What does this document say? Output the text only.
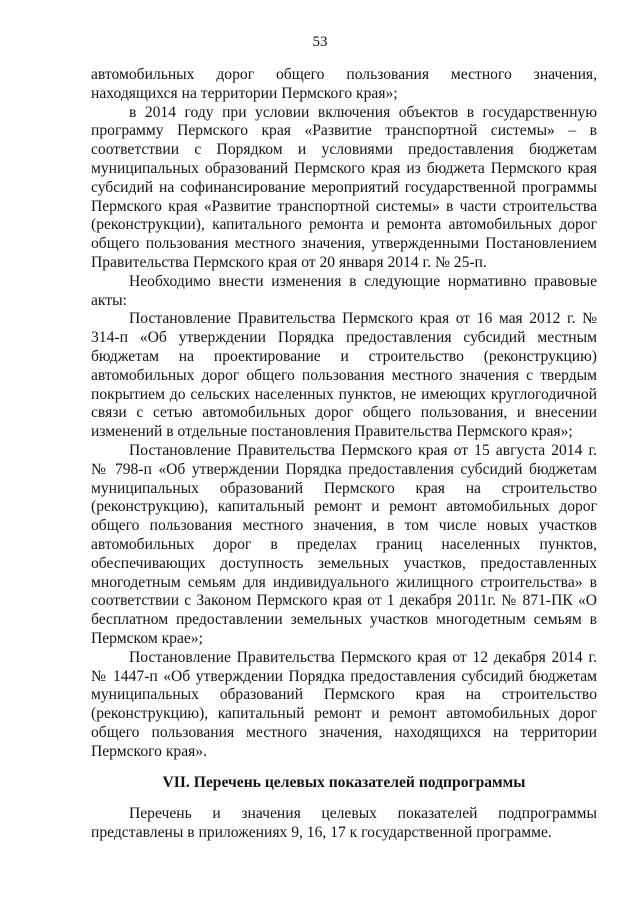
53

автомобильных дорог общего пользования местного значения, находящихся на территории Пермского края»;

в 2014 году при условии включения объектов в государственную программу Пермского края «Развитие транспортной системы» – в соответствии с Порядком и условиями предоставления бюджетам муниципальных образований Пермского края из бюджета Пермского края субсидий на софинансирование мероприятий государственной программы Пермского края «Развитие транспортной системы» в части строительства (реконструкции), капитального ремонта и ремонта автомобильных дорог общего пользования местного значения, утвержденными Постановлением Правительства Пермского края от 20 января 2014 г. № 25-п.

Необходимо внести изменения в следующие нормативно правовые акты:

Постановление Правительства Пермского края от 16 мая 2012 г. № 314-п «Об утверждении Порядка предоставления субсидий местным бюджетам на проектирование и строительство (реконструкцию) автомобильных дорог общего пользования местного значения с твердым покрытием до сельских населенных пунктов, не имеющих круглогодичной связи с сетью автомобильных дорог общего пользования, и внесении изменений в отдельные постановления Правительства Пермского края»;

Постановление Правительства Пермского края от 15 августа 2014 г. № 798-п «Об утверждении Порядка предоставления субсидий бюджетам муниципальных образований Пермского края на строительство (реконструкцию), капитальный ремонт и ремонт автомобильных дорог общего пользования местного значения, в том числе новых участков автомобильных дорог в пределах границ населенных пунктов, обеспечивающих доступность земельных участков, предоставленных многодетным семьям для индивидуального жилищного строительства» в соответствии с Законом Пермского края от 1 декабря 2011г. № 871-ПК «О бесплатном предоставлении земельных участков многодетным семьям в Пермском крае»;

Постановление Правительства Пермского края от 12 декабря 2014 г. № 1447-п «Об утверждении Порядка предоставления субсидий бюджетам муниципальных образований Пермского края на строительство (реконструкцию), капитальный ремонт и ремонт автомобильных дорог общего пользования местного значения, находящихся на территории Пермского края».

VII. Перечень целевых показателей подпрограммы

Перечень и значения целевых показателей подпрограммы представлены в приложениях 9, 16, 17 к государственной программе.
